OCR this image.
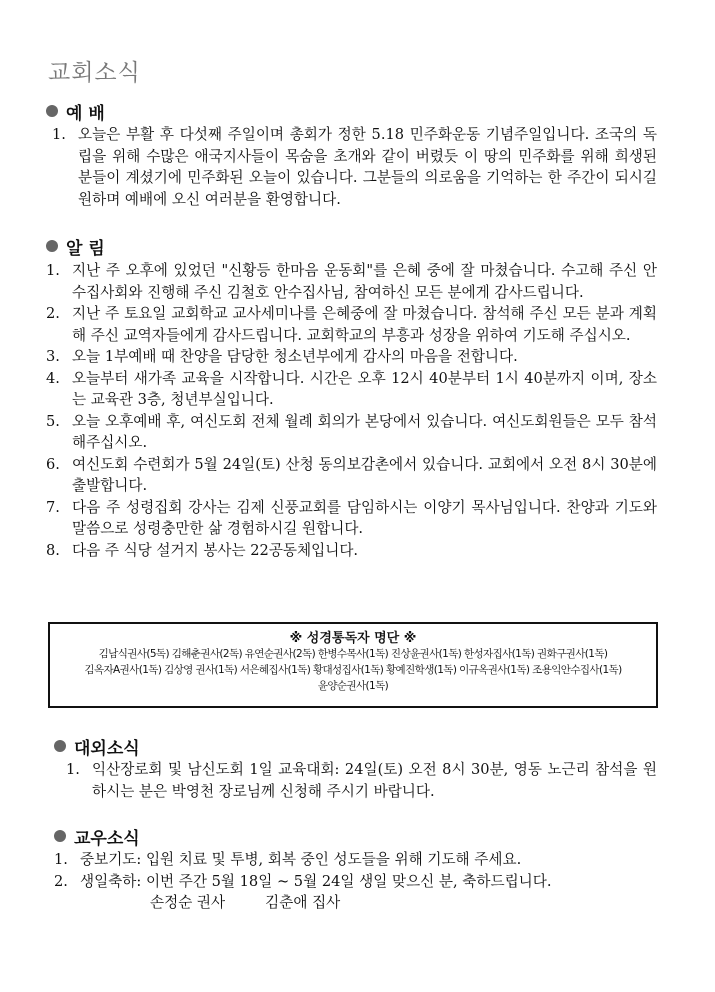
교회소식
예 배
1. 오늘은 부활 후 다섯째 주일이며 총회가 정한 5.18 민주화운동 기념주일입니다. 조국의 독립을 위해 수많은 애국지사들이 목숨을 초개와 같이 버렸듯 이 땅의 민주화를 위해 희생된 분들이 계셨기에 민주화된 오늘이 있습니다. 그분들의 의로움을 기억하는 한 주간이 되시길 원하며 예배에 오신 여러분을 환영합니다.
알 림
1. 지난 주 오후에 있었던 "신황등 한마음 운동회"를 은혜 중에 잘 마쳤습니다. 수고해 주신 안수집사회와 진행해 주신 김철호 안수집사님, 참여하신 모든 분에게 감사드립니다.
2. 지난 주 토요일 교회학교 교사세미나를 은혜중에 잘 마쳤습니다. 참석해 주신 모든 분과 계획해 주신 교역자들에게 감사드립니다. 교회학교의 부흥과 성장을 위하여 기도해 주십시오.
3. 오늘 1부예배 때 찬양을 담당한 청소년부에게 감사의 마음을 전합니다.
4. 오늘부터 새가족 교육을 시작합니다. 시간은 오후 12시 40분부터 1시 40분까지 이며, 장소는 교육관 3층, 청년부실입니다.
5. 오늘 오후예배 후, 여신도회 전체 월례 회의가 본당에서 있습니다. 여신도회원들은 모두 참석해주십시오.
6. 여신도회 수련회가 5월 24일(토) 산청 동의보감촌에서 있습니다. 교회에서 오전 8시 30분에 출발합니다.
7. 다음 주 성령집회 강사는 김제 신풍교회를 담임하시는 이양기 목사님입니다. 찬양과 기도와 말씀으로 성령충만한 삶 경험하시길 원합니다.
8. 다음 주 식당 설거지 봉사는 22공동체입니다.
※ 성경통독자 명단 ※
김남식권사(5독) 김해춘권사(2독) 유연순권사(2독) 한병수목사(1독) 진상윤권사(1독) 한성자집사(1독) 권화구권사(1독)
김옥자A권사(1독) 김상영 권사(1독) 서은혜집사(1독) 황대성집사(1독) 황예진학생(1독) 이규옥권사(1독) 조용익안수집사(1독)
윤양순권사(1독)
대외소식
1. 익산장로회 및 남신도회 1일 교육대회: 24일(토) 오전 8시 30분, 영동 노근리 참석을 원하시는 분은 박영천 장로님께 신청해 주시기 바랍니다.
교우소식
1. 중보기도: 입원 치료 및 투병, 회복 중인 성도들을 위해 기도해 주세요.
2. 생일축하: 이번 주간 5월 18일 ~ 5월 24일 생일 맞으신 분, 축하드립니다.
손정순 권사	김춘애 집사
